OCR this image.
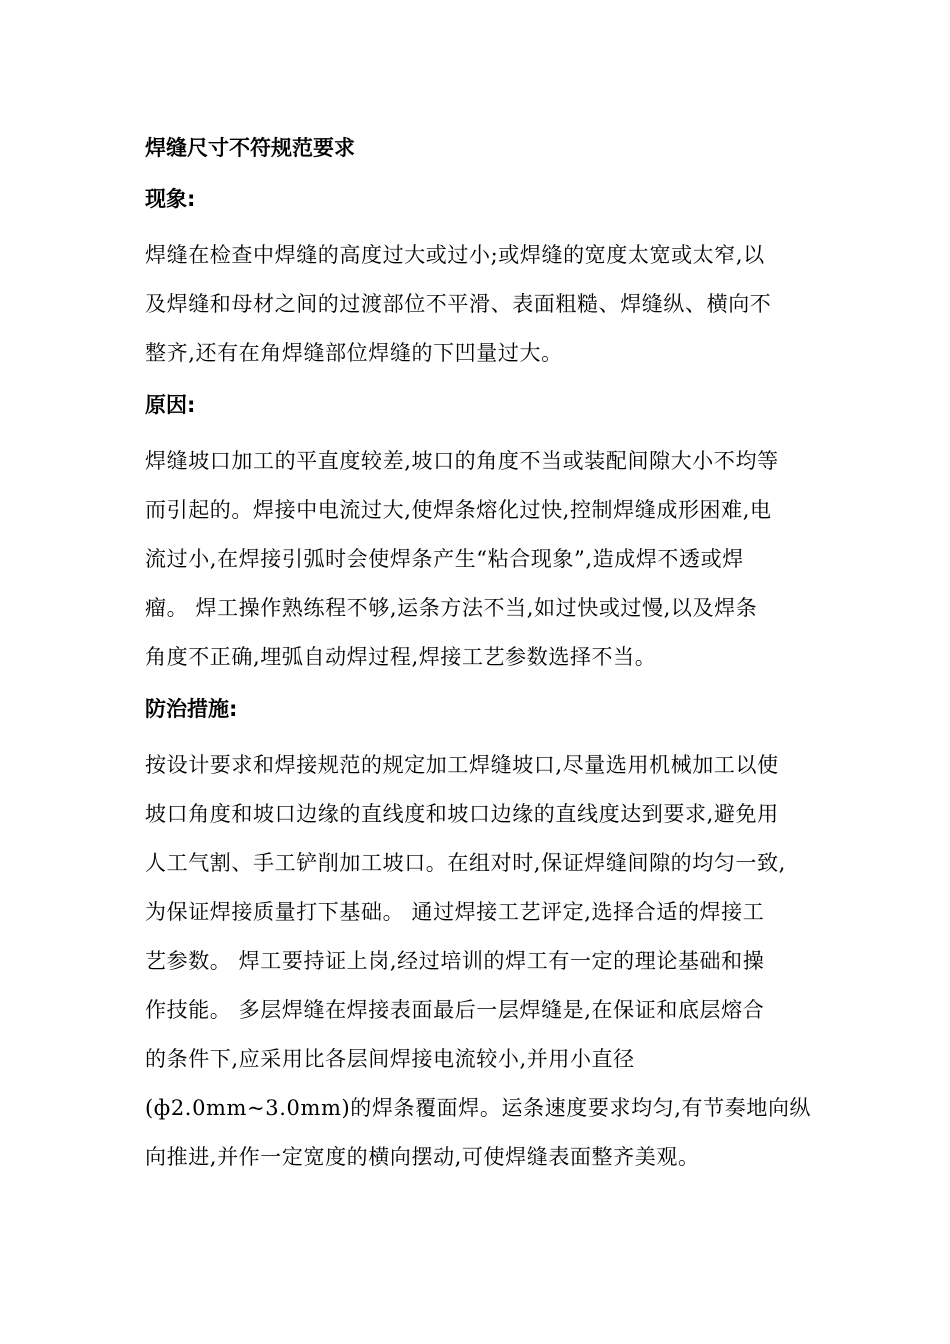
焊缝尺寸不符规范要求
现象:

焊缝在检查中焊缝的高度过大或过小;或焊缝的宽度太宽或太窄,以
及焊缝和母材之间的过渡部位不平滑、表面粗糙、焊缝纵、横向不
整齐,还有在角焊缝部位焊缝的下凹量过大。

原因:

焊缝坡口加工的平直度较差,坡口的角度不当或装配间隙大小不均等
而引起的。焊接中电流过大,使焊条熔化过快,控制焊缝成形困难,电
流过小,在焊接引弧时会使焊条产生“粘合现象”,造成焊不透或焊
瘤。 焊工操作熟练程不够,运条方法不当,如过快或过慢,以及焊条
角度不正确,埋弧自动焊过程,焊接工艺参数选择不当。

防治措施:

按设计要求和焊接规范的规定加工焊缝坡口,尽量选用机械加工以使
坡口角度和坡口边缘的直线度和坡口边缘的直线度达到要求,避免用
人工气割、手工铲削加工坡口。在组对时,保证焊缝间隙的均匀一致,
为保证焊接质量打下基础。 通过焊接工艺评定,选择合适的焊接工
艺参数。 焊工要持证上岗,经过培训的焊工有一定的理论基础和操
作技能。 多层焊缝在焊接表面最后一层焊缝是,在保证和底层熔合
的条件下,应采用比各层间焊接电流较小,并用小直径
(ф2.0mm~3.0mm)的焊条覆面焊。运条速度要求均匀,有节奏地向纵
向推进,并作一定宽度的横向摆动,可使焊缝表面整齐美观。
